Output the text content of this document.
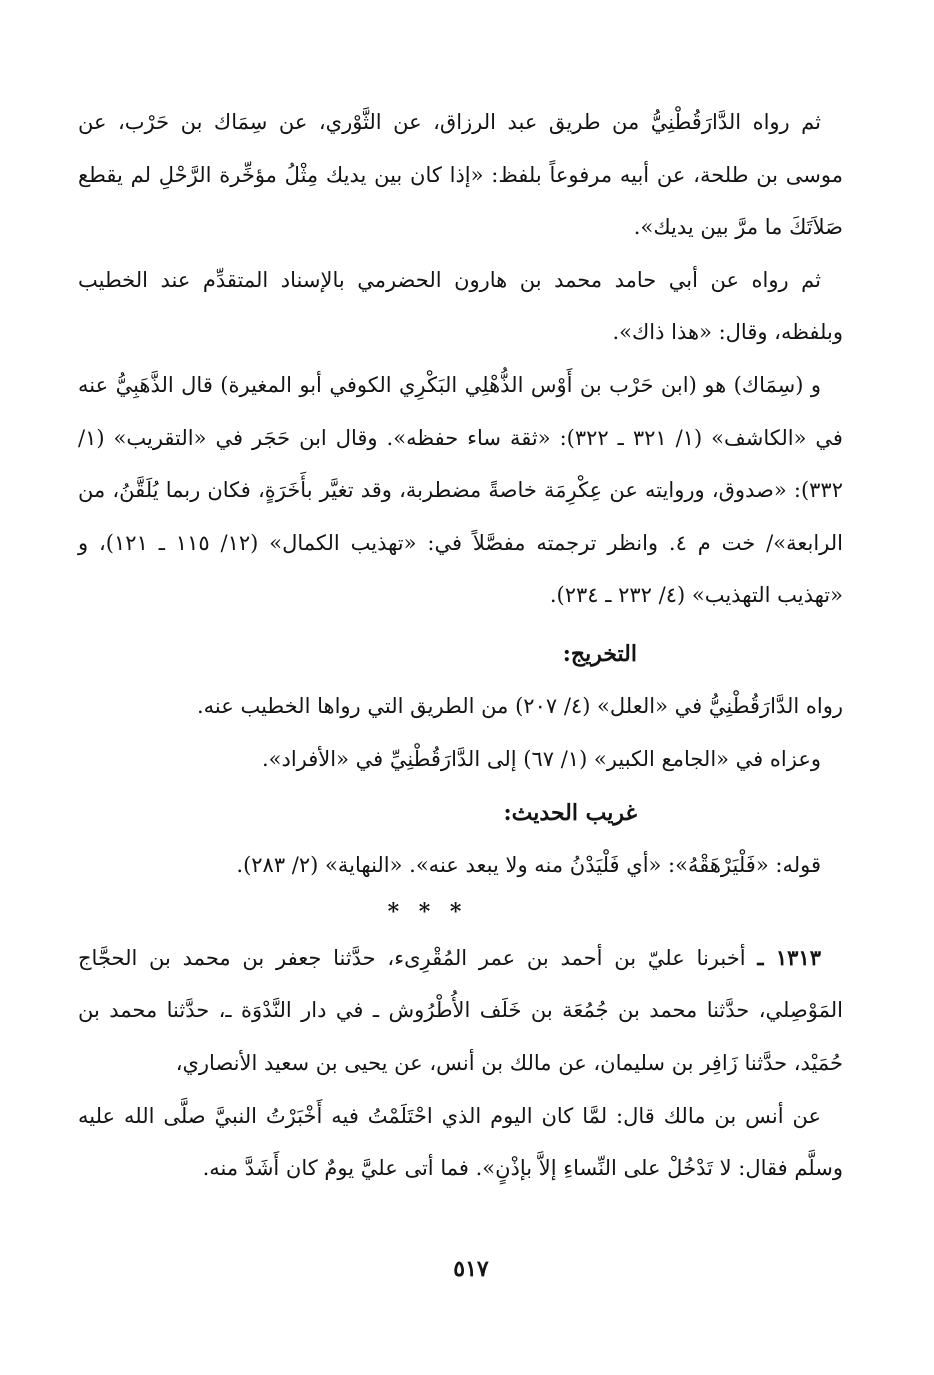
ثم رواه الدَّارَقُطْنِيُّ من طريق عبد الرزاق، عن الثَّوْري، عن سِمَاك بن حَرْب، عن موسى بن طلحة، عن أبيه مرفوعاً بلفظ: «إذا كان بين يديك مِثْلُ مؤخِّرة الرَّحْلِ لم يقطع صَلاَتَكَ ما مرَّ بين يديك».

ثم رواه عن أبي حامد محمد بن هارون الحضرمي بالإسناد المتقدِّم عند الخطيب وبلفظه، وقال: «هذا ذاك».

و (سِمَاك) هو (ابن حَرْب بن أَوْس الذُّهْلِي البَكْرِي الكوفي أبو المغيرة) قال الذَّهَبِيُّ عنه في «الكاشف» (١/ ٣٢١ ـ ٣٢٢): «ثقة ساء حفظه». وقال ابن حَجَر في «التقريب» (١/ ٣٣٢): «صدوق، وروايته عن عِكْرِمَة خاصةً مضطربة، وقد تغيَّر بأَخَرَةٍ، فكان ربما يُلَقَّنُ، من الرابعة»/ خت م ٤. وانظر ترجمته مفصَّلاً في: «تهذيب الكمال» (١٢/ ١١٥ ـ ١٢١)، و «تهذيب التهذيب» (٤/ ٢٣٢ ـ ٢٣٤).

التخريج:

رواه الدَّارَقُطْنِيُّ في «العلل» (٤/ ٢٠٧) من الطريق التي رواها الخطيب عنه.

وعزاه في «الجامع الكبير» (١/ ٦٧) إلى الدَّارَقُطْنِيِّ في «الأفراد».

غريب الحديث:

قوله: «فَلْيَرْهَقْهُ»: «أي فَلْيَدْنُ منه ولا يبعد عنه». «النهاية» (٢/ ٢٨٣).

* * *

١٣١٣ ـ أخبرنا عليّ بن أحمد بن عمر المُقْرِىء، حدَّثنا جعفر بن محمد بن الحجَّاج المَوْصِلي، حدَّثنا محمد بن جُمُعَة بن خَلَف الأُطْرُوش ـ في دار النَّدْوَة ـ، حدَّثنا محمد بن حُمَيْد، حدَّثنا زَافِر بن سليمان، عن مالك بن أنس، عن يحيى بن سعيد الأنصاري،

عن أنس بن مالك قال: لمَّا كان اليوم الذي احْتَلَمْتُ فيه أَخْبَرْتُ النبيَّ صلَّى الله عليه وسلَّم فقال: لا تَدْخُلْ على النِّساءِ إلاَّ بإذْنٍ». فما أتى عليَّ يومٌ كان أَشَدَّ منه.

٥١٧
